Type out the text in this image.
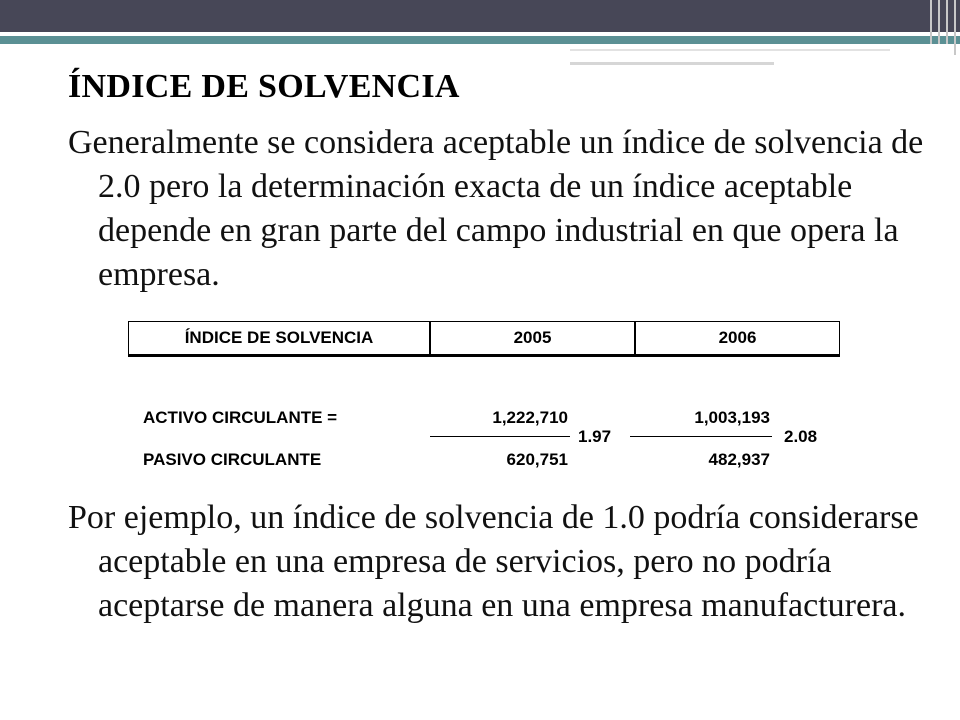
ÍNDICE DE SOLVENCIA
Generalmente se considera aceptable un índice de solvencia de 2.0 pero la determinación exacta de un índice aceptable depende en gran parte del campo industrial en que opera la empresa.
ÍNDICE DE SOLVENCIA	2005	2006
ACTIVO CIRCULANTE =
PASIVO CIRCULANTE
1,222,710
620,751
1.97
1,003,193
482,937
2.08
Por ejemplo, un índice de solvencia de 1.0 podría considerarse aceptable en una empresa de servicios, pero no podría aceptarse de manera alguna en una empresa manufacturera.
